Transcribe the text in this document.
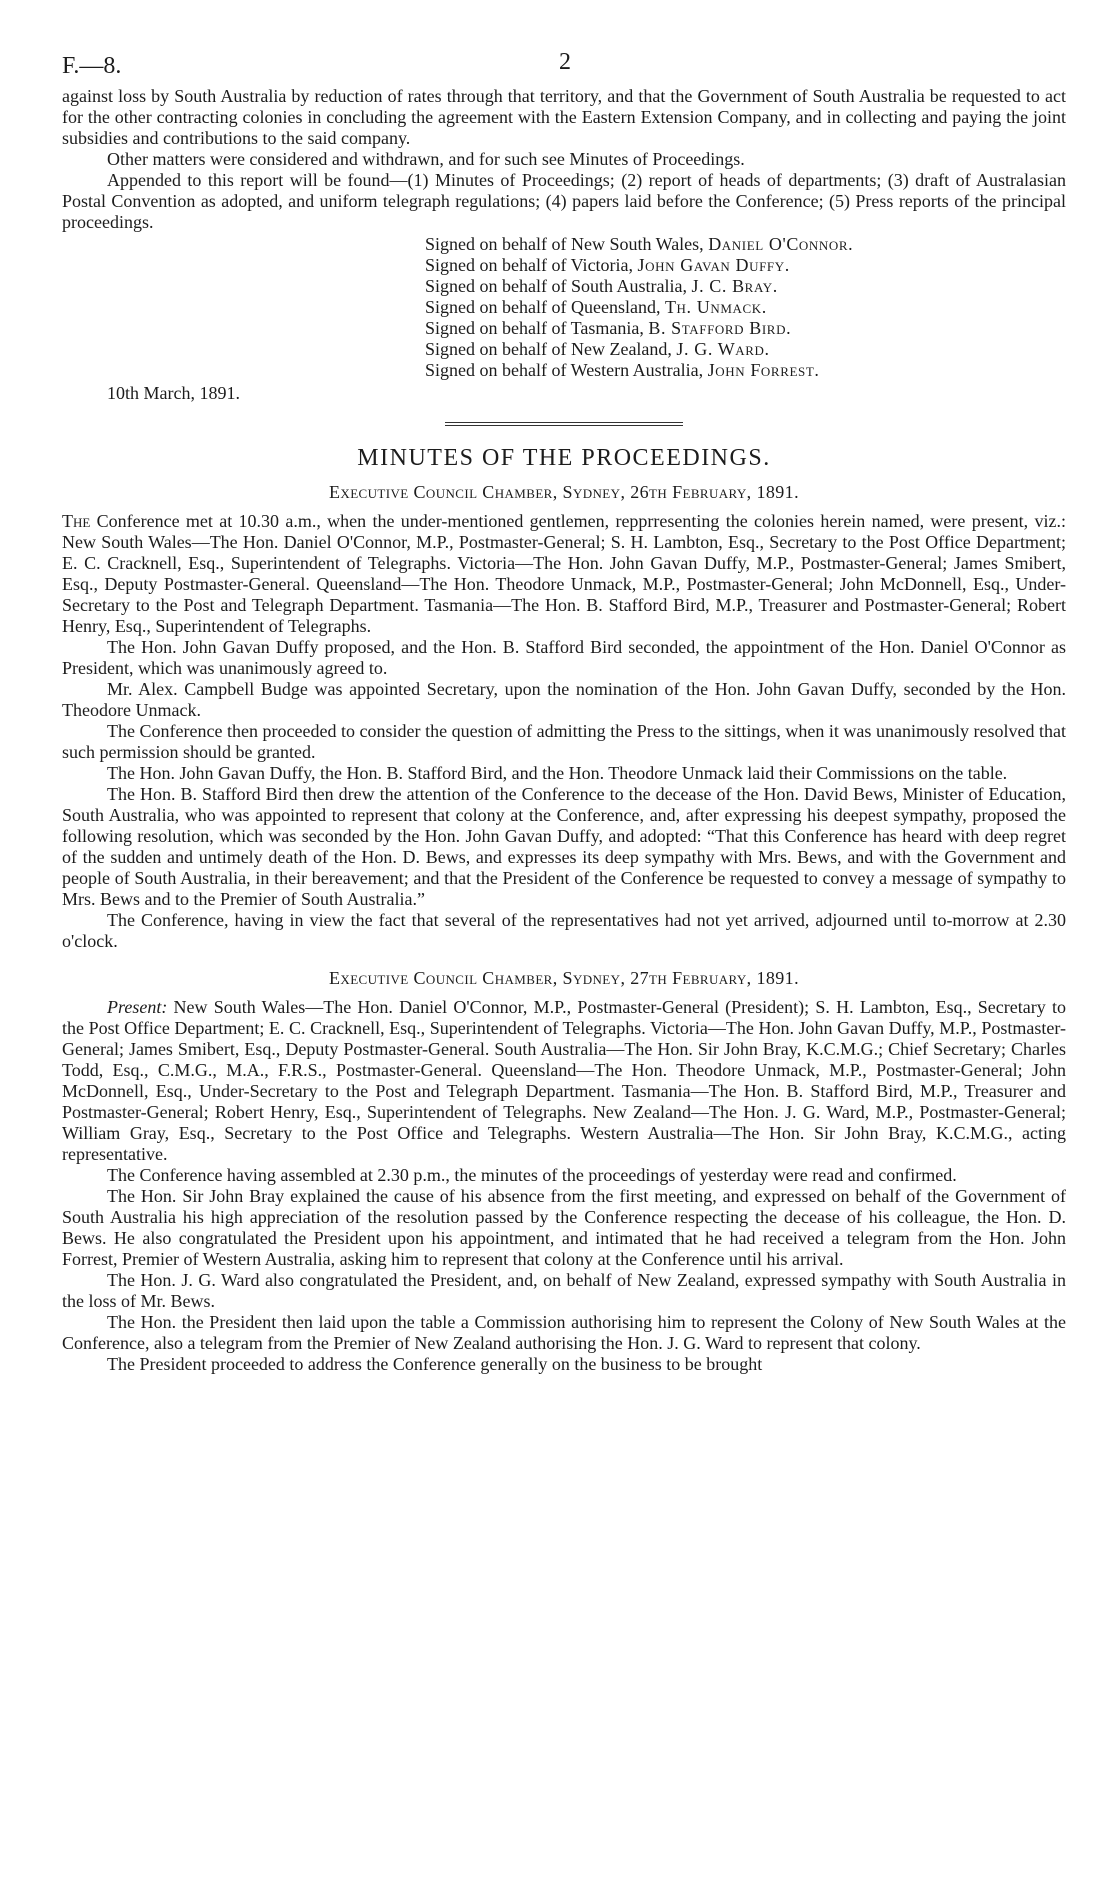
F.—8.	2

against loss by South Australia by reduction of rates through that territory, and that the Government of South Australia be requested to act for the other contracting colonies in concluding the agreement with the Eastern Extension Company, and in collecting and paying the joint subsidies and contributions to the said company.

Other matters were considered and withdrawn, and for such see Minutes of Proceedings.

Appended to this report will be found—(1) Minutes of Proceedings; (2) report of heads of departments; (3) draft of Australasian Postal Convention as adopted, and uniform telegraph regulations; (4) papers laid before the Conference; (5) Press reports of the principal proceedings.

Signed on behalf of New South Wales, Daniel O'Connor.
Signed on behalf of Victoria, John Gavan Duffy.
Signed on behalf of South Australia, J. C. Bray.
Signed on behalf of Queensland, Th. Unmack.
Signed on behalf of Tasmania, B. Stafford Bird.
Signed on behalf of New Zealand, J. G. Ward.
Signed on behalf of Western Australia, John Forrest.
10th March, 1891.
MINUTES OF THE PROCEEDINGS.
Executive Council Chamber, Sydney, 26th February, 1891.

The Conference met at 10.30 a.m., when the under-mentioned gentlemen, repprresenting the colonies herein named, were present, viz.: New South Wales—The Hon. Daniel O'Connor, M.P., Postmaster-General; S. H. Lambton, Esq., Secretary to the Post Office Department; E. C. Cracknell, Esq., Superintendent of Telegraphs. Victoria—The Hon. John Gavan Duffy, M.P., Postmaster-General; James Smibert, Esq., Deputy Postmaster-General. Queensland—The Hon. Theodore Unmack, M.P., Postmaster-General; John McDonnell, Esq., Under-Secretary to the Post and Telegraph Department. Tasmania—The Hon. B. Stafford Bird, M.P., Treasurer and Postmaster-General; Robert Henry, Esq., Superintendent of Telegraphs.

The Hon. John Gavan Duffy proposed, and the Hon. B. Stafford Bird seconded, the appointment of the Hon. Daniel O'Connor as President, which was unanimously agreed to.

Mr. Alex. Campbell Budge was appointed Secretary, upon the nomination of the Hon. John Gavan Duffy, seconded by the Hon. Theodore Unmack.

The Conference then proceeded to consider the question of admitting the Press to the sittings, when it was unanimously resolved that such permission should be granted.

The Hon. John Gavan Duffy, the Hon. B. Stafford Bird, and the Hon. Theodore Unmack laid their Commissions on the table.

The Hon. B. Stafford Bird then drew the attention of the Conference to the decease of the Hon. David Bews, Minister of Education, South Australia, who was appointed to represent that colony at the Conference, and, after expressing his deepest sympathy, proposed the following resolution, which was seconded by the Hon. John Gavan Duffy, and adopted: “That this Conference has heard with deep regret of the sudden and untimely death of the Hon. D. Bews, and expresses its deep sympathy with Mrs. Bews, and with the Government and people of South Australia, in their bereavement; and that the President of the Conference be requested to convey a message of sympathy to Mrs. Bews and to the Premier of South Australia.”

The Conference, having in view the fact that several of the representatives had not yet arrived, adjourned until to-morrow at 2.30 o'clock.

Executive Council Chamber, Sydney, 27th February, 1891.

Present: New South Wales—The Hon. Daniel O'Connor, M.P., Postmaster-General (President); S. H. Lambton, Esq., Secretary to the Post Office Department; E. C. Cracknell, Esq., Superintendent of Telegraphs. Victoria—The Hon. John Gavan Duffy, M.P., Postmaster-General; James Smibert, Esq., Deputy Postmaster-General. South Australia—The Hon. Sir John Bray, K.C.M.G.; Chief Secretary; Charles Todd, Esq., C.M.G., M.A., F.R.S., Postmaster-General. Queensland—The Hon. Theodore Unmack, M.P., Postmaster-General; John McDonnell, Esq., Under-Secretary to the Post and Telegraph Department. Tasmania—The Hon. B. Stafford Bird, M.P., Treasurer and Postmaster-General; Robert Henry, Esq., Superintendent of Telegraphs. New Zealand—The Hon. J. G. Ward, M.P., Postmaster-General; William Gray, Esq., Secretary to the Post Office and Telegraphs. Western Australia—The Hon. Sir John Bray, K.C.M.G., acting representative.

The Conference having assembled at 2.30 p.m., the minutes of the proceedings of yesterday were read and confirmed.

The Hon. Sir John Bray explained the cause of his absence from the first meeting, and expressed on behalf of the Government of South Australia his high appreciation of the resolution passed by the Conference respecting the decease of his colleague, the Hon. D. Bews. He also congratulated the President upon his appointment, and intimated that he had received a telegram from the Hon. John Forrest, Premier of Western Australia, asking him to represent that colony at the Conference until his arrival.

The Hon. J. G. Ward also congratulated the President, and, on behalf of New Zealand, expressed sympathy with South Australia in the loss of Mr. Bews.

The Hon. the President then laid upon the table a Commission authorising him to represent the Colony of New South Wales at the Conference, also a telegram from the Premier of New Zealand authorising the Hon. J. G. Ward to represent that colony.

The President proceeded to address the Conference generally on the business to be brought
